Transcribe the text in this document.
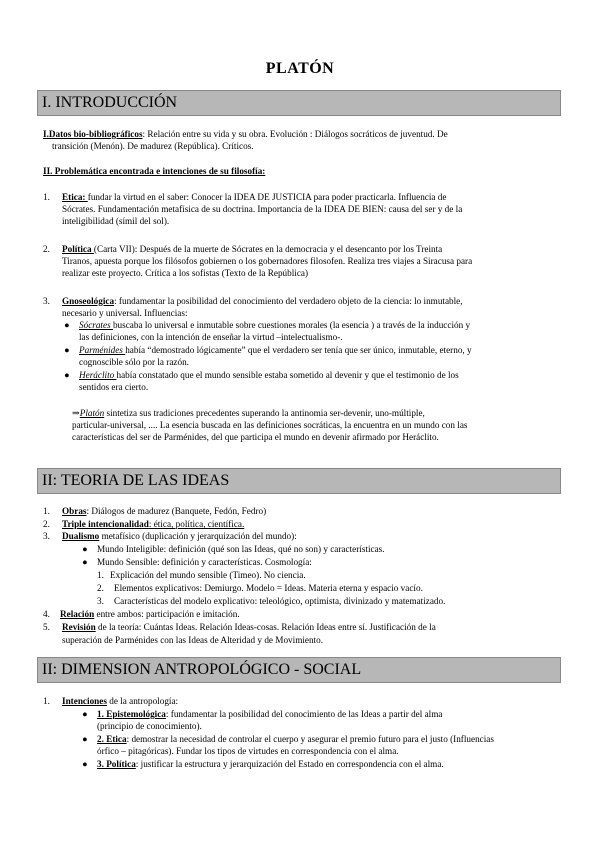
PLATÓN
I. INTRODUCCIÓN
I.Datos bio-bibliográficos: Relación entre su vida y su obra. Evolución : Diálogos socráticos de juventud. De
transición (Menón). De madurez (República). Críticos.
II. Problemática encontrada e intenciones de su filosofía:
1. Etica: fundar la virtud en el saber: Conocer la IDEA DE JUSTICIA para poder practicarla. Influencia de
Sócrates. Fundamentación metafísica de su doctrina. Importancia de la IDEA DE BIEN: causa del ser y de la
inteligibilidad (símil del sol).
2. Política (Carta VII): Después de la muerte de Sócrates en la democracia y el desencanto por los Treinta
Tiranos, apuesta porque los filósofos gobiernen o los gobernadores filosofen. Realiza tres viajes a Siracusa para
realizar este proyecto. Crítica a los sofistas (Texto de la República)
3. Gnoseológica: fundamentar la posibilidad del conocimiento del verdadero objeto de la ciencia: lo inmutable,
necesario y universal. Influencias:
● Sócrates buscaba lo universal e inmutable sobre cuestiones morales (la esencia ) a través de la inducción y
las definiciones, con la intención de enseñar la virtud –intelectualismo-.
● Parménides había “demostrado lógicamente” que el verdadero ser tenía que ser único, inmutable, eterno, y
cognoscible sólo por la razón.
● Heráclito había constatado que el mundo sensible estaba sometido al devenir y que el testimonio de los
sentidos era cierto.
⇒Platón sintetiza sus tradiciones precedentes superando la antinomia ser-devenir, uno-múltiple,
particular-universal, .... La esencia buscada en las definiciones socráticas, la encuentra en un mundo con las
características del ser de Parménides, del que participa el mundo en devenir afirmado por Heráclito.
II: TEORIA DE LAS IDEAS
1. Obras: Diálogos de madurez (Banquete, Fedón, Fedro)
2. Triple intencionalidad: ética, política, científica.
3. Dualismo metafísico (duplicación y jerarquización del mundo):
● Mundo Inteligible: definición (qué son las Ideas, qué no son) y características.
● Mundo Sensible: definición y características. Cosmología:
1. Explicación del mundo sensible (Timeo). No ciencia.
2. Elementos explicativos: Demiurgo. Modelo = Ideas. Materia eterna y espacio vacío.
3. Características del modelo explicativo: teleológico, optimista, divinizado y matematizado.
4. Relación entre ambos: participación e imitación.
5. Revisión de la teoría: Cuántas Ideas. Relación Ideas-cosas. Relación Ideas entre sí. Justificación de la
superación de Parménides con las Ideas de Alteridad y de Movimiento.
II: DIMENSION ANTROPOLÓGICO - SOCIAL
1. Intenciones de la antropología:
● 1. Epistemológica: fundamentar la posibilidad del conocimiento de las Ideas a partir del alma
(principio de conocimiento).
● 2. Etica: demostrar la necesidad de controlar el cuerpo y asegurar el premio futuro para el justo (Influencias
órfico – pitagóricas). Fundar los tipos de virtudes en correspondencia con el alma.
● 3. Política: justificar la estructura y jerarquización del Estado en correspondencia con el alma.
